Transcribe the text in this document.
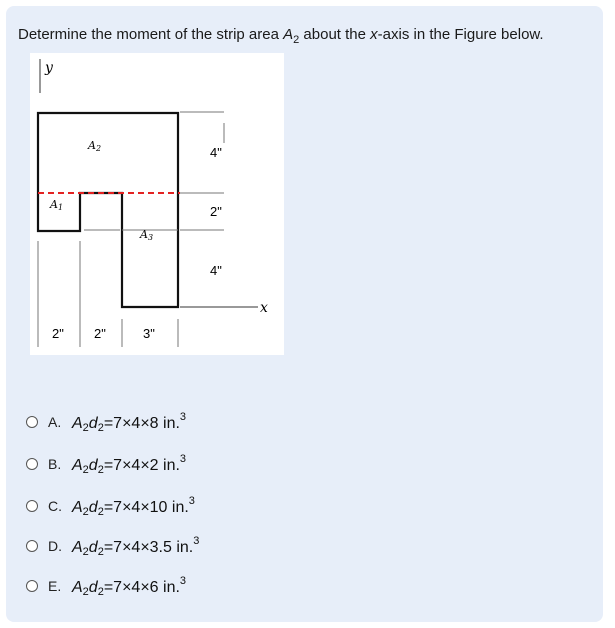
Determine the moment of the strip area $A_2$ about the x-axis in the Figure below.
y
x
4"
2"
4"
A2
A1
A3
2" 2"	3"
A. $A_2d_2=7\times 4\times 8$ in.$^3$
B. $A_2d_2=7\times 4\times 2$ in.$^3$
C. $A_2d_2=7\times 4\times 10$ in.$^3$
D. $A_2d_2=7\times 4\times 3.5$ in.$^3$
E. $A_2d_2=7\times 4\times 6$ in.$^3$
